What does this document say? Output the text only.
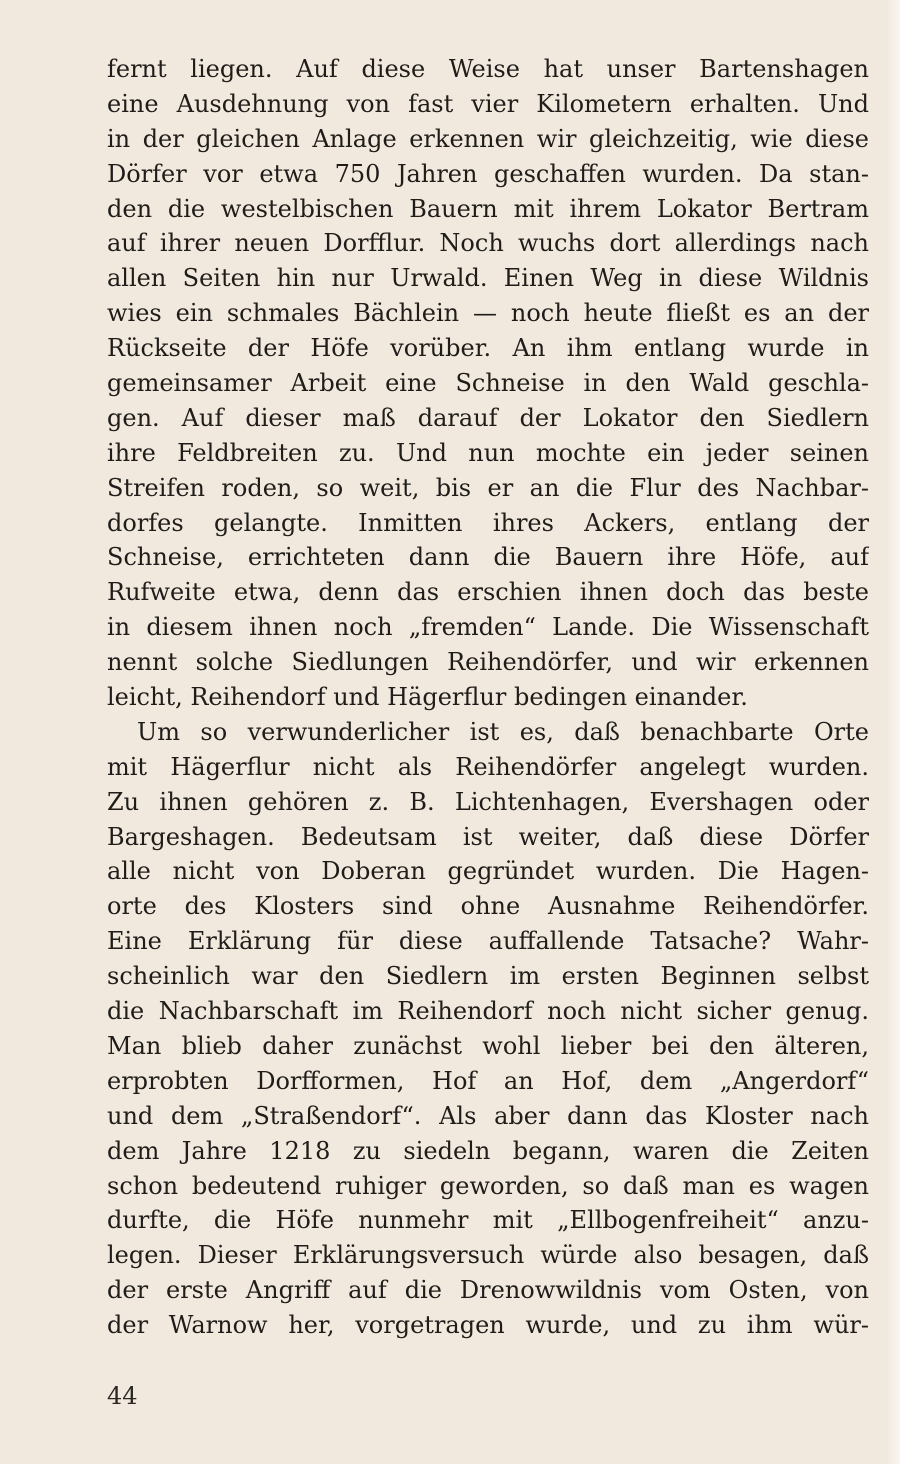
fernt liegen. Auf diese Weise hat unser Bartenshagen
eine Ausdehnung von fast vier Kilometern erhalten. Und
in der gleichen Anlage erkennen wir gleichzeitig, wie diese
Dörfer vor etwa 750 Jahren geschaffen wurden. Da stan-
den die westelbischen Bauern mit ihrem Lokator Bertram
auf ihrer neuen Dorfflur. Noch wuchs dort allerdings nach
allen Seiten hin nur Urwald. Einen Weg in diese Wildnis
wies ein schmales Bächlein — noch heute fließt es an der
Rückseite der Höfe vorüber. An ihm entlang wurde in
gemeinsamer Arbeit eine Schneise in den Wald geschla-
gen. Auf dieser maß darauf der Lokator den Siedlern
ihre Feldbreiten zu. Und nun mochte ein jeder seinen
Streifen roden, so weit, bis er an die Flur des Nachbar-
dorfes gelangte. Inmitten ihres Ackers, entlang der
Schneise, errichteten dann die Bauern ihre Höfe, auf
Rufweite etwa, denn das erschien ihnen doch das beste
in diesem ihnen noch „fremden“ Lande. Die Wissenschaft
nennt solche Siedlungen Reihendörfer, und wir erkennen
leicht, Reihendorf und Hägerflur bedingen einander.
Um so verwunderlicher ist es, daß benachbarte Orte
mit Hägerflur nicht als Reihendörfer angelegt wurden.
Zu ihnen gehören z. B. Lichtenhagen, Evershagen oder
Bargeshagen. Bedeutsam ist weiter, daß diese Dörfer
alle nicht von Doberan gegründet wurden. Die Hagen-
orte des Klosters sind ohne Ausnahme Reihendörfer.
Eine Erklärung für diese auffallende Tatsache? Wahr-
scheinlich war den Siedlern im ersten Beginnen selbst
die Nachbarschaft im Reihendorf noch nicht sicher genug.
Man blieb daher zunächst wohl lieber bei den älteren,
erprobten Dorfformen, Hof an Hof, dem „Angerdorf“
und dem „Straßendorf“. Als aber dann das Kloster nach
dem Jahre 1218 zu siedeln begann, waren die Zeiten
schon bedeutend ruhiger geworden, so daß man es wagen
durfte, die Höfe nunmehr mit „Ellbogenfreiheit“ anzu-
legen. Dieser Erklärungsversuch würde also besagen, daß
der erste Angriff auf die Drenowwildnis vom Osten, von
der Warnow her, vorgetragen wurde, und zu ihm wür-
44
